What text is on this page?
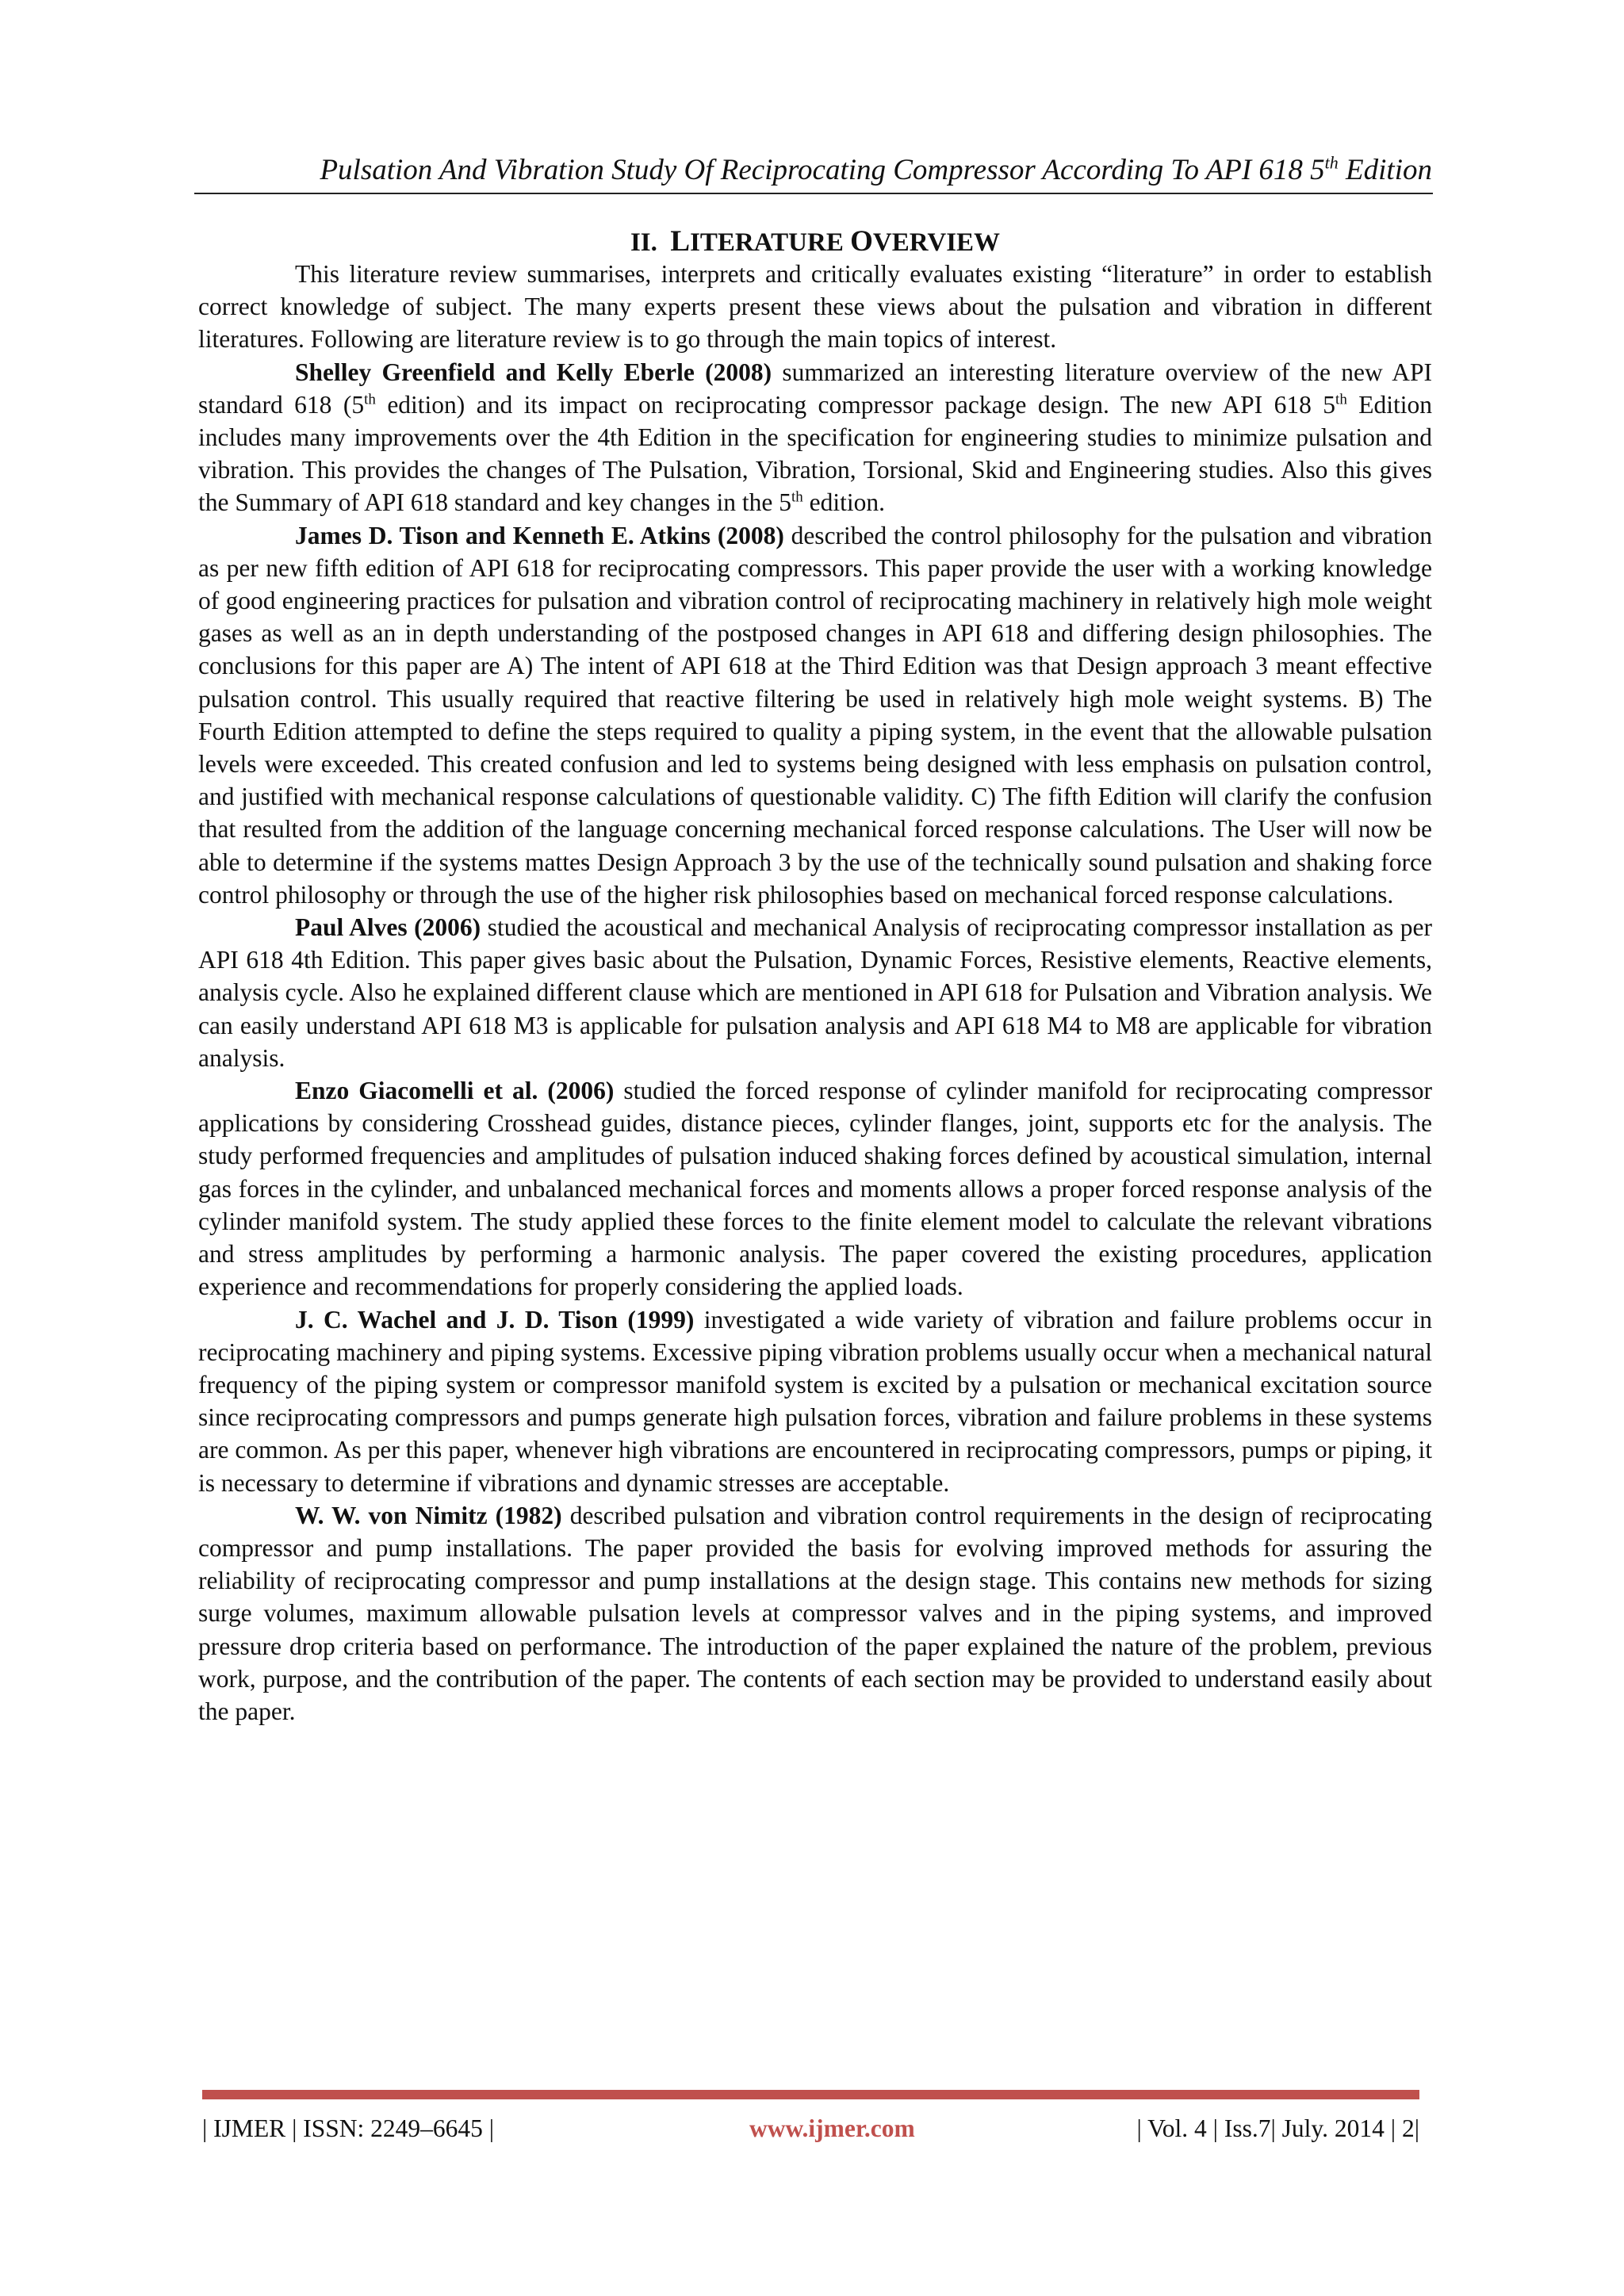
Pulsation And Vibration Study Of Reciprocating Compressor According To API 618 5th Edition
II. LITERATURE OVERVIEW

This literature review summarises, interprets and critically evaluates existing “literature” in order to establish correct knowledge of subject. The many experts present these views about the pulsation and vibration in different literatures. Following are literature review is to go through the main topics of interest.

Shelley Greenfield and Kelly Eberle (2008) summarized an interesting literature overview of the new API standard 618 (5th edition) and its impact on reciprocating compressor package design. The new API 618 5th Edition includes many improvements over the 4th Edition in the specification for engineering studies to minimize pulsation and vibration. This provides the changes of The Pulsation, Vibration, Torsional, Skid and Engineering studies. Also this gives the Summary of API 618 standard and key changes in the 5th edition.

James D. Tison and Kenneth E. Atkins (2008) described the control philosophy for the pulsation and vibration as per new fifth edition of API 618 for reciprocating compressors. This paper provide the user with a working knowledge of good engineering practices for pulsation and vibration control of reciprocating machinery in relatively high mole weight gases as well as an in depth understanding of the postposed changes in API 618 and differing design philosophies. The conclusions for this paper are A) The intent of API 618 at the Third Edition was that Design approach 3 meant effective pulsation control. This usually required that reactive filtering be used in relatively high mole weight systems. B) The Fourth Edition attempted to define the steps required to quality a piping system, in the event that the allowable pulsation levels were exceeded. This created confusion and led to systems being designed with less emphasis on pulsation control, and justified with mechanical response calculations of questionable validity. C) The fifth Edition will clarify the confusion that resulted from the addition of the language concerning mechanical forced response calculations. The User will now be able to determine if the systems mattes Design Approach 3 by the use of the technically sound pulsation and shaking force control philosophy or through the use of the higher risk philosophies based on mechanical forced response calculations.

Paul Alves (2006) studied the acoustical and mechanical Analysis of reciprocating compressor installation as per API 618 4th Edition. This paper gives basic about the Pulsation, Dynamic Forces, Resistive elements, Reactive elements, analysis cycle. Also he explained different clause which are mentioned in API 618 for Pulsation and Vibration analysis. We can easily understand API 618 M3 is applicable for pulsation analysis and API 618 M4 to M8 are applicable for vibration analysis.

Enzo Giacomelli et al. (2006) studied the forced response of cylinder manifold for reciprocating compressor applications by considering Crosshead guides, distance pieces, cylinder flanges, joint, supports etc for the analysis. The study performed frequencies and amplitudes of pulsation induced shaking forces defined by acoustical simulation, internal gas forces in the cylinder, and unbalanced mechanical forces and moments allows a proper forced response analysis of the cylinder manifold system. The study applied these forces to the finite element model to calculate the relevant vibrations and stress amplitudes by performing a harmonic analysis. The paper covered the existing procedures, application experience and recommendations for properly considering the applied loads.

J. C. Wachel and J. D. Tison (1999) investigated a wide variety of vibration and failure problems occur in reciprocating machinery and piping systems. Excessive piping vibration problems usually occur when a mechanical natural frequency of the piping system or compressor manifold system is excited by a pulsation or mechanical excitation source since reciprocating compressors and pumps generate high pulsation forces, vibration and failure problems in these systems are common. As per this paper, whenever high vibrations are encountered in reciprocating compressors, pumps or piping, it is necessary to determine if vibrations and dynamic stresses are acceptable.

W. W. von Nimitz (1982) described pulsation and vibration control requirements in the design of reciprocating compressor and pump installations. The paper provided the basis for evolving improved methods for assuring the reliability of reciprocating compressor and pump installations at the design stage. This contains new methods for sizing surge volumes, maximum allowable pulsation levels at compressor valves and in the piping systems, and improved pressure drop criteria based on performance. The introduction of the paper explained the nature of the problem, previous work, purpose, and the contribution of the paper. The contents of each section may be provided to understand easily about the paper.

| IJMER | ISSN: 2249–6645 |	www.ijmer.com	| Vol. 4 | Iss.7| July. 2014 | 2|
